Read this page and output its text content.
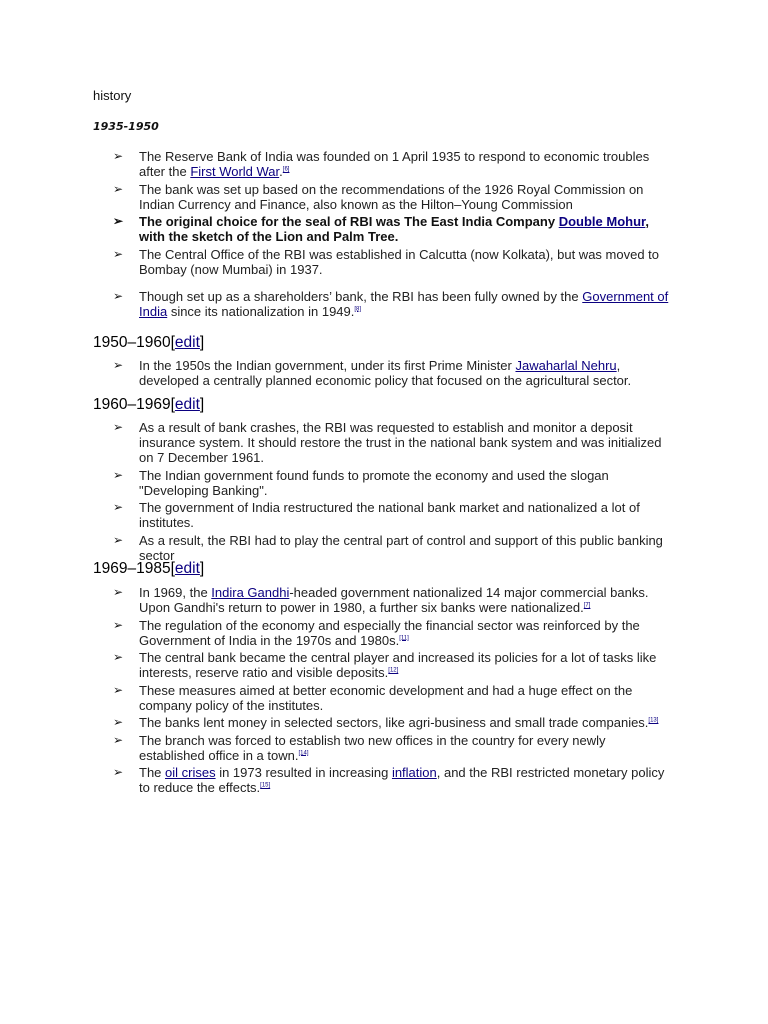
history
1935-1950
➢ The Reserve Bank of India was founded on 1 April 1935 to respond to economic troubles after the First World War.[6]
➢ The bank was set up based on the recommendations of the 1926 Royal Commission on Indian Currency and Finance, also known as the Hilton–Young Commission
➢ The original choice for the seal of RBI was The East India Company Double Mohur, with the sketch of the Lion and Palm Tree.
➢ The Central Office of the RBI was established in Calcutta (now Kolkata), but was moved to Bombay (now Mumbai) in 1937.
➢ Though set up as a shareholders’ bank, the RBI has been fully owned by the Government of India since its nationalization in 1949.[8]
1950–1960[edit]
➢ In the 1950s the Indian government, under its first Prime Minister Jawaharlal Nehru, developed a centrally planned economic policy that focused on the agricultural sector.
1960–1969[edit]
➢ As a result of bank crashes, the RBI was requested to establish and monitor a deposit insurance system. It should restore the trust in the national bank system and was initialized on 7 December 1961.
➢ The Indian government found funds to promote the economy and used the slogan "Developing Banking".
➢ The government of India restructured the national bank market and nationalized a lot of institutes.
➢ As a result, the RBI had to play the central part of control and support of this public banking sector
1969–1985[edit]
➢ In 1969, the Indira Gandhi-headed government nationalized 14 major commercial banks. Upon Gandhi's return to power in 1980, a further six banks were nationalized.[7]
➢ The regulation of the economy and especially the financial sector was reinforced by the Government of India in the 1970s and 1980s.[11]
➢ The central bank became the central player and increased its policies for a lot of tasks like interests, reserve ratio and visible deposits.[12]
➢ These measures aimed at better economic development and had a huge effect on the company policy of the institutes.
➢ The banks lent money in selected sectors, like agri-business and small trade companies.[13]
➢ The branch was forced to establish two new offices in the country for every newly established office in a town.[14]
➢ The oil crises in 1973 resulted in increasing inflation, and the RBI restricted monetary policy to reduce the effects.[15]
